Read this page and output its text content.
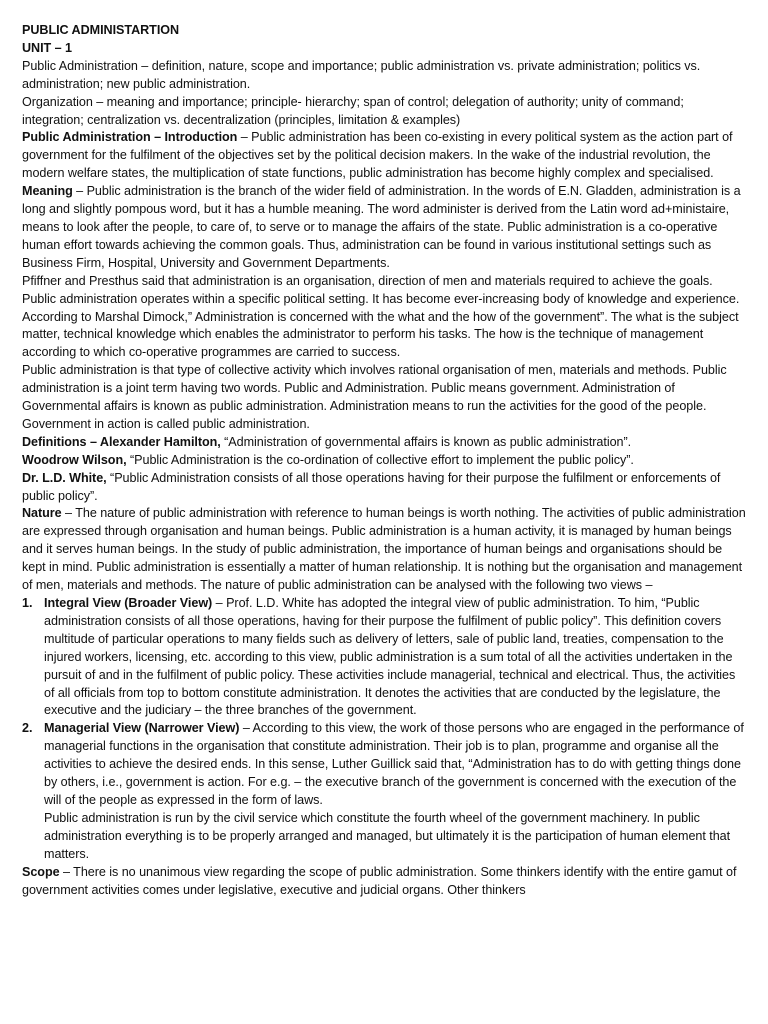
PUBLIC ADMINISTARTION

UNIT – 1

Public Administration – definition, nature, scope and importance; public administration vs. private administration; politics vs. administration; new public administration.

Organization – meaning and importance; principle- hierarchy; span of control; delegation of authority; unity of command; integration; centralization vs. decentralization (principles, limitation & examples)

Public Administration – Introduction – Public administration has been co-existing in every political system as the action part of government for the fulfilment of the objectives set by the political decision makers. In the wake of the industrial revolution, the modern welfare states, the multiplication of state functions, public administration has become highly complex and specialised.

Meaning – Public administration is the branch of the wider field of administration. In the words of E.N. Gladden, administration is a long and slightly pompous word, but it has a humble meaning. The word administer is derived from the Latin word ad+ministaire, means to look after the people, to care of, to serve or to manage the affairs of the state. Public administration is a co-operative human effort towards achieving the common goals. Thus, administration can be found in various institutional settings such as Business Firm, Hospital, University and Government Departments.

Pfiffner and Presthus said that administration is an organisation, direction of men and materials required to achieve the goals. Public administration operates within a specific political setting. It has become ever-increasing body of knowledge and experience. According to Marshal Dimock,” Administration is concerned with the what and the how of the government”. The what is the subject matter, technical knowledge which enables the administrator to perform his tasks. The how is the technique of management according to which co-operative programmes are carried to success.

Public administration is that type of collective activity which involves rational organisation of men, materials and methods. Public administration is a joint term having two words. Public and Administration. Public means government. Administration of Governmental affairs is known as public administration. Administration means to run the activities for the good of the people. Government in action is called public administration.

Definitions – Alexander Hamilton, “Administration of governmental affairs is known as public administration”.

Woodrow Wilson, “Public Administration is the co-ordination of collective effort to implement the public policy”.

Dr. L.D. White, “Public Administration consists of all those operations having for their purpose the fulfilment or enforcements of public policy”.

Nature – The nature of public administration with reference to human beings is worth nothing. The activities of public administration are expressed through organisation and human beings. Public administration is a human activity, it is managed by human beings and it serves human beings. In the study of public administration, the importance of human beings and organisations should be kept in mind. Public administration is essentially a matter of human relationship. It is nothing but the organisation and management of men, materials and methods. The nature of public administration can be analysed with the following two views –

1. Integral View (Broader View) – Prof. L.D. White has adopted the integral view of public administration. To him, “Public administration consists of all those operations, having for their purpose the fulfilment of public policy”. This definition covers multitude of particular operations to many fields such as delivery of letters, sale of public land, treaties, compensation to the injured workers, licensing, etc. according to this view, public administration is a sum total of all the activities undertaken in the pursuit of and in the fulfilment of public policy. These activities include managerial, technical and electrical. Thus, the activities of all officials from top to bottom constitute administration. It denotes the activities that are conducted by the legislature, the executive and the judiciary – the three branches of the government.

2. Managerial View (Narrower View) – According to this view, the work of those persons who are engaged in the performance of managerial functions in the organisation that constitute administration. Their job is to plan, programme and organise all the activities to achieve the desired ends. In this sense, Luther Guillick said that, “Administration has to do with getting things done by others, i.e., government is action. For e.g. – the executive branch of the government is concerned with the execution of the will of the people as expressed in the form of laws.

Public administration is run by the civil service which constitute the fourth wheel of the government machinery. In public administration everything is to be properly arranged and managed, but ultimately it is the participation of human element that matters.

Scope – There is no unanimous view regarding the scope of public administration. Some thinkers identify with the entire gamut of government activities comes under legislative, executive and judicial organs. Other thinkers
